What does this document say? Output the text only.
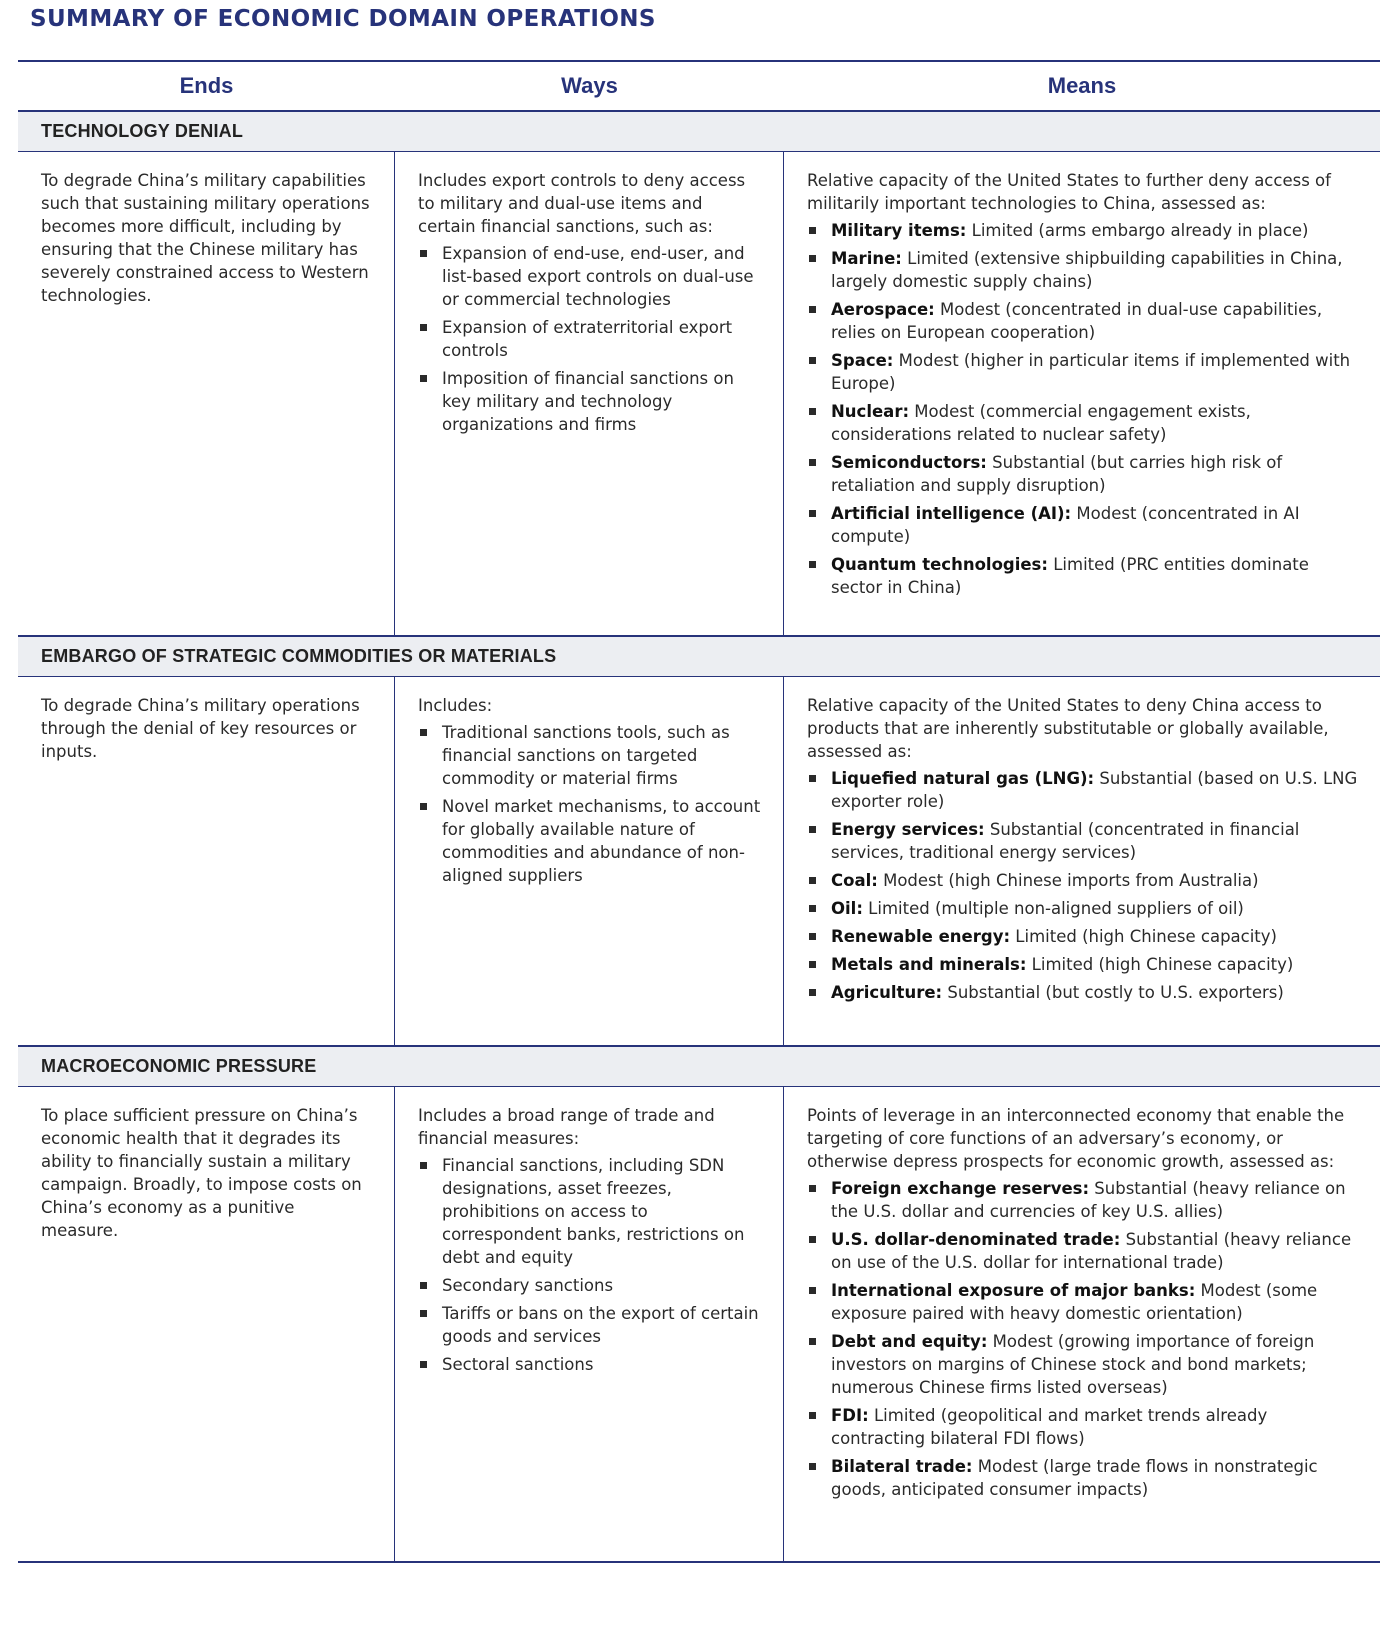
SUMMARY OF ECONOMIC DOMAIN OPERATIONS
Ends	Ways	Means
TECHNOLOGY DENIAL

To degrade China’s military capabilities such that sustaining military operations becomes more difficult, including by ensuring that the Chinese military has severely constrained access to Western technologies.

Includes export controls to deny access to military and dual-use items and certain financial sanctions, such as:

Expansion of end-use, end-user, and list-based export controls on dual-use or commercial technologies
Expansion of extraterritorial export controls
Imposition of financial sanctions on key military and technology organizations and firms

Relative capacity of the United States to further deny access of militarily important technologies to China, assessed as:

Military items: Limited (arms embargo already in place)
Marine: Limited (extensive shipbuilding capabilities in China, largely domestic supply chains)
Aerospace: Modest (concentrated in dual-use capabilities, relies on European cooperation)
Space: Modest (higher in particular items if implemented with Europe)
Nuclear: Modest (commercial engagement exists, considerations related to nuclear safety)
Semiconductors: Substantial (but carries high risk of retaliation and supply disruption)
Artificial intelligence (AI): Modest (concentrated in AI compute)
Quantum technologies: Limited (PRC entities dominate sector in China)
EMBARGO OF STRATEGIC COMMODITIES OR MATERIALS

To degrade China’s military operations through the denial of key resources or inputs.

Includes:

Traditional sanctions tools, such as financial sanctions on targeted commodity or material firms
Novel market mechanisms, to account for globally available nature of commodities and abundance of non-aligned suppliers

Relative capacity of the United States to deny China access to products that are inherently substitutable or globally available, assessed as:

Liquefied natural gas (LNG): Substantial (based on U.S. LNG exporter role)
Energy services: Substantial (concentrated in financial services, traditional energy services)
Coal: Modest (high Chinese imports from Australia)
Oil: Limited (multiple non-aligned suppliers of oil)
Renewable energy: Limited (high Chinese capacity)
Metals and minerals: Limited (high Chinese capacity)
Agriculture: Substantial (but costly to U.S. exporters)
MACROECONOMIC PRESSURE

To place sufficient pressure on China’s economic health that it degrades its ability to financially sustain a military campaign. Broadly, to impose costs on China’s economy as a punitive measure.

Includes a broad range of trade and financial measures:

Financial sanctions, including SDN designations, asset freezes, prohibitions on access to correspondent banks, restrictions on debt and equity
Secondary sanctions
Tariffs or bans on the export of certain goods and services
Sectoral sanctions

Points of leverage in an interconnected economy that enable the targeting of core functions of an adversary’s economy, or otherwise depress prospects for economic growth, assessed as:

Foreign exchange reserves: Substantial (heavy reliance on the U.S. dollar and currencies of key U.S. allies)
U.S. dollar-denominated trade: Substantial (heavy reliance on use of the U.S. dollar for international trade)
International exposure of major banks: Modest (some exposure paired with heavy domestic orientation)
Debt and equity: Modest (growing importance of foreign investors on margins of Chinese stock and bond markets; numerous Chinese firms listed overseas)
FDI: Limited (geopolitical and market trends already contracting bilateral FDI flows)
Bilateral trade: Modest (large trade flows in nonstrategic goods, anticipated consumer impacts)
